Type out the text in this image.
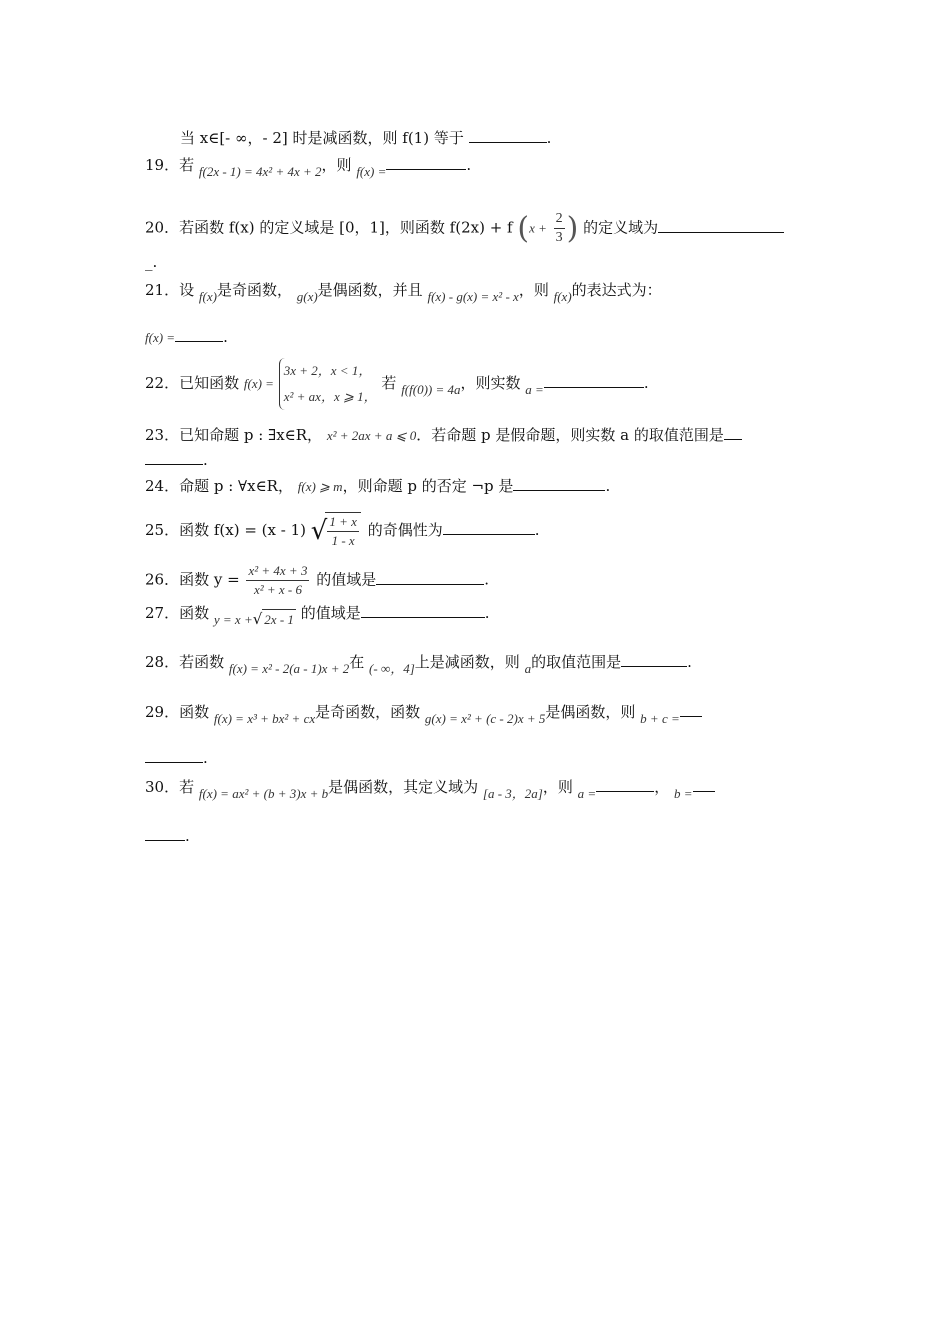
当 x∈[- ∞，- 2] 时是减函数，则 f(1) 等于	.
19．若 f(2x - 1) = 4x² + 4x + 2，则 f(x) =	.
20．若函数 f(x) 的定义域是 [0，1]，则函数 f(2x) + f ($x + \frac{2}{3}$ ) 的定义域为
_.
21．设 f(x)是奇函数， g(x)是偶函数，并且 f(x) - g(x) = x² - x，则 f(x)的表达式为：
f(x) =	.
22．已知函数 f(x) =
3x + 2，x < 1，
x² + ax，x ⩾ 1，
若 f(f(0)) = 4a，则实数 a =	.
23．已知命题 p : ∃x∈R， x² + 2ax + a ⩽ 0．若命题 p 是假命题，则实数 a 的取值范围是
.
24．命题 p : ∀x∈R， f(x) ⩾ m，则命题 p 的否定 ¬p 是	.
25．函数 f(x) = (x - 1) √
$\frac{1 + x}{1 - x}$ 的奇偶性为	.
26．函数 $y = \frac{\text{x² + 4x + 3}}{\text{x² + x - 6}}$ 的值域是	.
27．函数 y = x +√ 2x - 1 的值域是	.
28．若函数 f(x) = x² - 2(a - 1)x + 2在 (- ∞，4]上是减函数，则 a的取值范围是	.
29．函数 f(x) = x³ + bx² + cx是奇函数，函数 g(x) = x² + (c - 2)x + 5是偶函数，则 b + c =
.
30．若 f(x) = ax² + (b + 3)x + b是偶函数，其定义域为 [a - 3，2a]，则 a =	， b =
.
